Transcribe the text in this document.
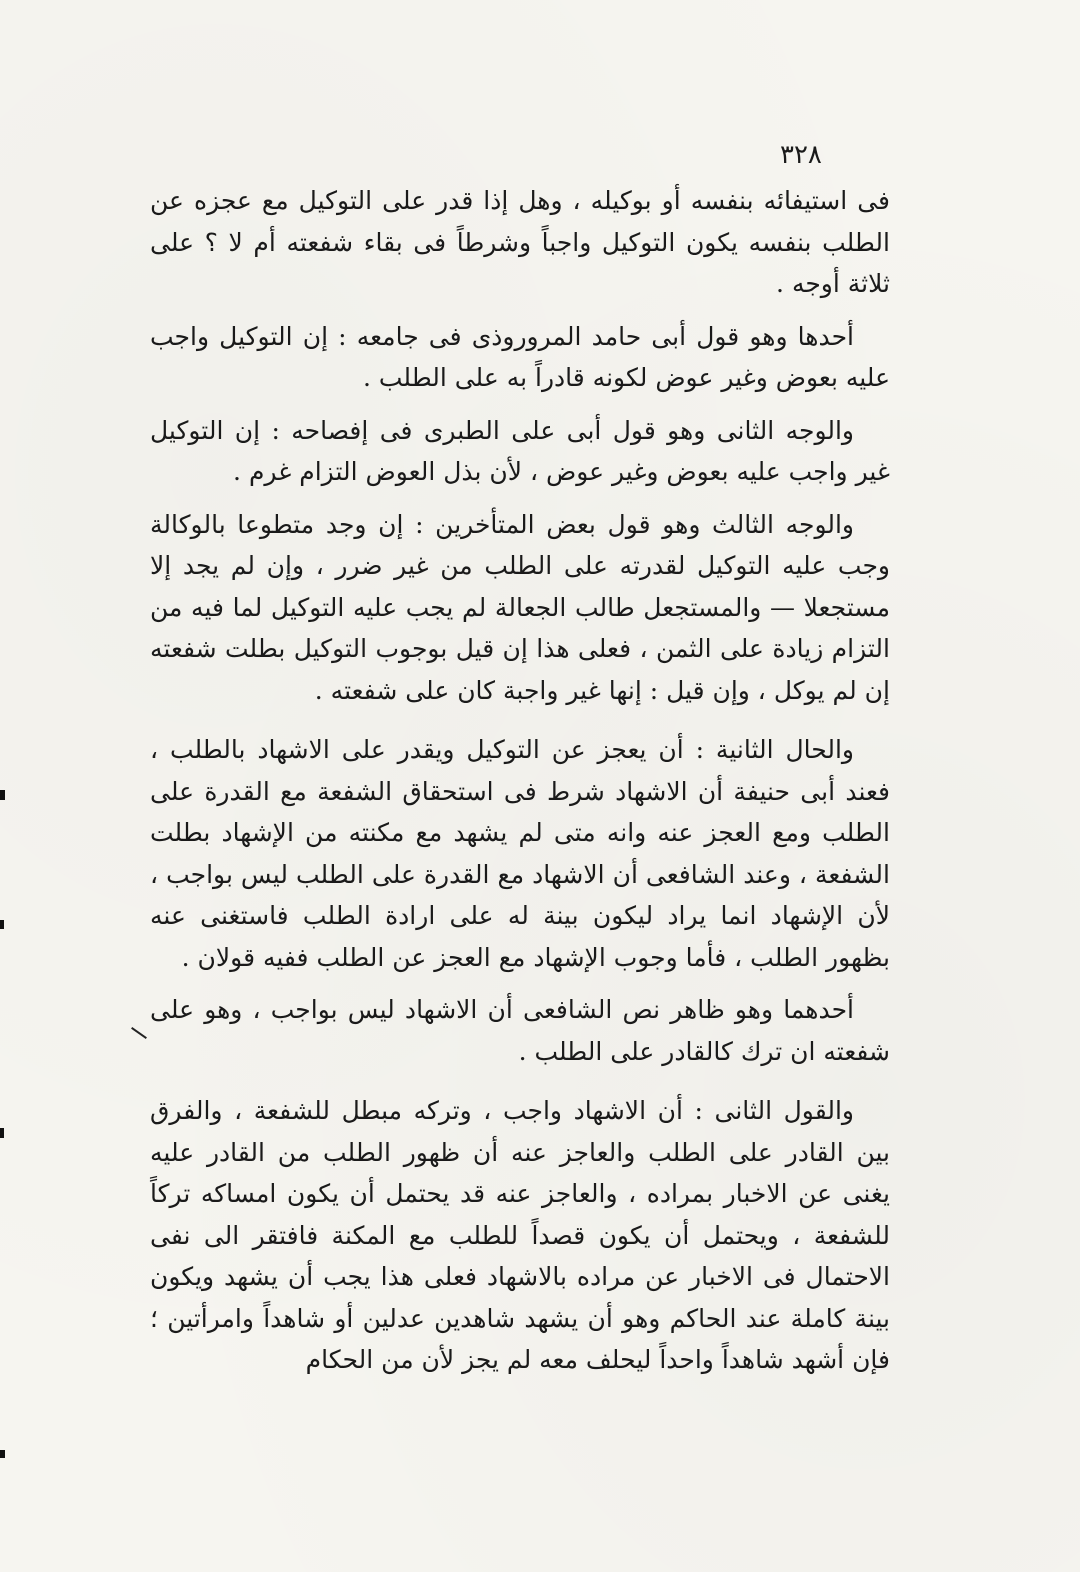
٣٢٨

فى استيفائه بنفسه أو بوكيله ، وهل إذا قدر على التوكيل مع عجزه عن الطلب بنفسه يكون التوكيل واجباً وشرطاً فى بقاء شفعته أم لا ؟ على ثلاثة أوجه .

أحدها وهو قول أبى حامد المروروذى فى جامعه : إن التوكيل واجب عليه بعوض وغير عوض لكونه قادراً به على الطلب .

والوجه الثانى وهو قول أبى على الطبرى فى إفصاحه : إن التوكيل غير واجب عليه بعوض وغير عوض ، لأن بذل العوض التزام غرم .

والوجه الثالث وهو قول بعض المتأخرين : إن وجد متطوعا بالوكالة وجب عليه التوكيل لقدرته على الطلب من غير ضرر ، وإن لم يجد إلا مستجعلا — والمستجعل طالب الجعالة لم يجب عليه التوكيل لما فيه من التزام زيادة على الثمن ، فعلى هذا إن قيل بوجوب التوكيل بطلت شفعته إن لم يوكل ، وإن قيل : إنها غير واجبة كان على شفعته .

والحال الثانية : أن يعجز عن التوكيل ويقدر على الاشهاد بالطلب ، فعند أبى حنيفة أن الاشهاد شرط فى استحقاق الشفعة مع القدرة على الطلب ومع العجز عنه وانه متى لم يشهد مع مكنته من الإشهاد بطلت الشفعة ، وعند الشافعى أن الاشهاد مع القدرة على الطلب ليس بواجب ، لأن الإشهاد انما يراد ليكون بينة له على ارادة الطلب فاستغنى عنه بظهور الطلب ، فأما وجوب الإشهاد مع العجز عن الطلب ففيه قولان .

أحدهما وهو ظاهر نص الشافعى أن الاشهاد ليس بواجب ، وهو على شفعته ان ترك كالقادر على الطلب .

والقول الثانى : أن الاشهاد واجب ، وتركه مبطل للشفعة ، والفرق بين القادر على الطلب والعاجز عنه أن ظهور الطلب من القادر عليه يغنى عن الاخبار بمراده ، والعاجز عنه قد يحتمل أن يكون امساكه تركاً للشفعة ، ويحتمل أن يكون قصداً للطلب مع المكنة فافتقر الى نفى الاحتمال فى الاخبار عن مراده بالاشهاد فعلى هذا يجب أن يشهد ويكون بينة كاملة عند الحاكم وهو أن يشهد شاهدين عدلين أو شاهداً وامرأتين ؛ فإن أشهد شاهداً واحداً ليحلف معه لم يجز لأن من الحكام
